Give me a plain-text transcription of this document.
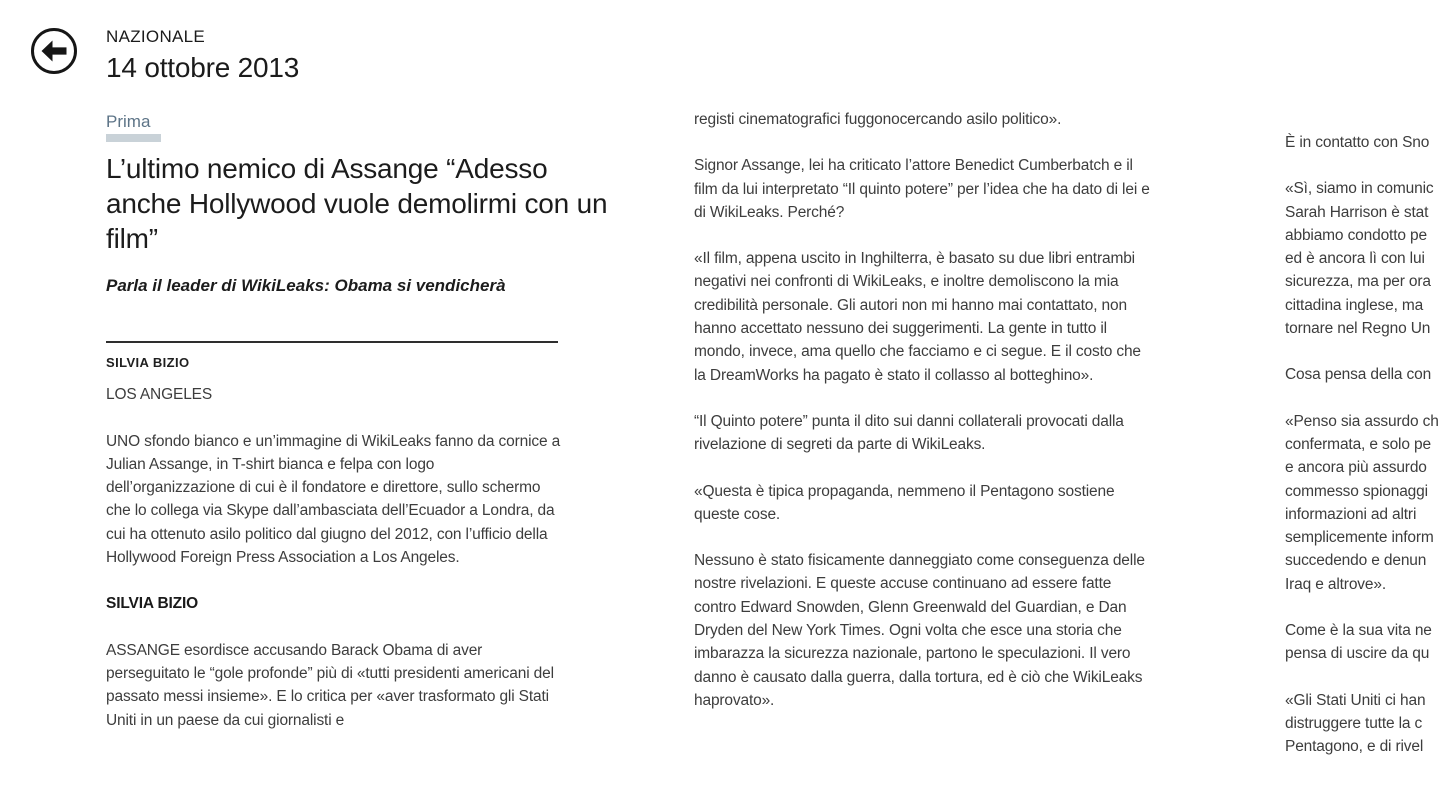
NAZIONALE
14 ottobre 2013
Prima
L’ultimo nemico di Assange “Adesso anche Hollywood vuole demolirmi con un film”
Parla il leader di WikiLeaks: Obama si vendicherà

SILVIA BIZIO

LOS ANGELES

UNO sfondo bianco e un’immagine di WikiLeaks fanno da cornice a Julian Assange, in T-shirt bianca e felpa con logo dell’organizzazione di cui è il fondatore e direttore, sullo schermo che lo collega via Skype dall’ambasciata dell’Ecuador a Londra, da cui ha ottenuto asilo politico dal giugno del 2012, con l’ufficio della Hollywood Foreign Press Association a Los Angeles.

SILVIA BIZIO

ASSANGE esordisce accusando Barack Obama di aver perseguitato le “gole profonde” più di «tutti presidenti americani del passato messi insieme». E lo critica per «aver trasformato gli Stati Uniti in un paese da cui giornalisti e

registi cinematografici fuggonocercando asilo politico».

Signor Assange, lei ha criticato l’attore Benedict Cumberbatch e il film da lui interpretato “Il quinto potere” per l’idea che ha dato di lei e di WikiLeaks. Perché?

«Il film, appena uscito in Inghilterra, è basato su due libri entrambi negativi nei confronti di WikiLeaks, e inoltre demoliscono la mia credibilità personale. Gli autori non mi hanno mai contattato, non hanno accettato nessuno dei suggerimenti. La gente in tutto il mondo, invece, ama quello che facciamo e ci segue. E il costo che la DreamWorks ha pagato è stato il collasso al botteghino».

“Il Quinto potere” punta il dito sui danni collaterali provocati dalla rivelazione di segreti da parte di WikiLeaks.

«Questa è tipica propaganda, nemmeno il Pentagono sostiene queste cose.

Nessuno è stato fisicamente danneggiato come conseguenza delle nostre rivelazioni. E queste accuse continuano ad essere fatte contro Edward Snowden, Glenn Greenwald del Guardian, e Dan Dryden del New York Times. Ogni volta che esce una storia che imbarazza la sicurezza nazionale, partono le speculazioni. Il vero danno è causato dalla guerra, dalla tortura, ed è ciò che WikiLeaks haprovato».

È in contatto con Sno

«Sì, siamo in comunic
Sarah Harrison è stat
abbiamo condotto pe
ed è ancora lì con lui
sicurezza, ma per ora
cittadina inglese, ma
tornare nel Regno Un

Cosa pensa della con

«Penso sia assurdo ch
confermata, e solo pe
e ancora più assurdo
commesso spionaggi
informazioni ad altri
semplicemente inform
succedendo e denun
Iraq e altrove».

Come è la sua vita ne
pensa di uscire da qu

«Gli Stati Uniti ci han
distruggere tutte la c
Pentagono, e di rivel
